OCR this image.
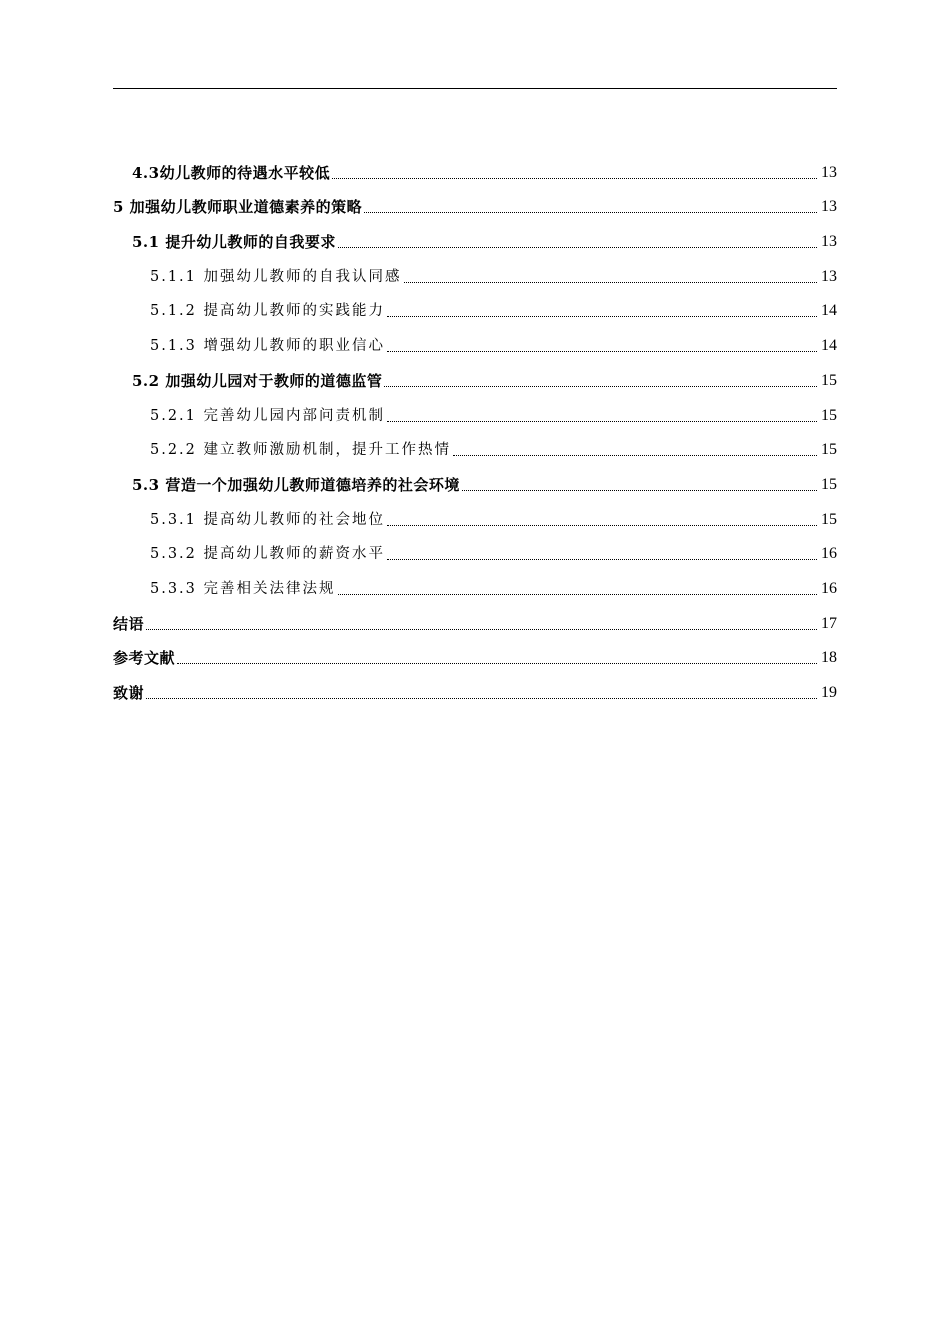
4.3幼儿教师的待遇水平较低	13
5 加强幼儿教师职业道德素养的策略	13
5.1 提升幼儿教师的自我要求	13
5.1.1 加强幼儿教师的自我认同感	13
5.1.2 提高幼儿教师的实践能力	14
5.1.3 增强幼儿教师的职业信心	14
5.2 加强幼儿园对于教师的道德监管	15
5.2.1 完善幼儿园内部问责机制	15
5.2.2 建立教师激励机制，提升工作热情	15
5.3 营造一个加强幼儿教师道德培养的社会环境	15
5.3.1 提高幼儿教师的社会地位	15
5.3.2 提高幼儿教师的薪资水平	16
5.3.3 完善相关法律法规	16
结语	17
参考文献	18
致谢	19
